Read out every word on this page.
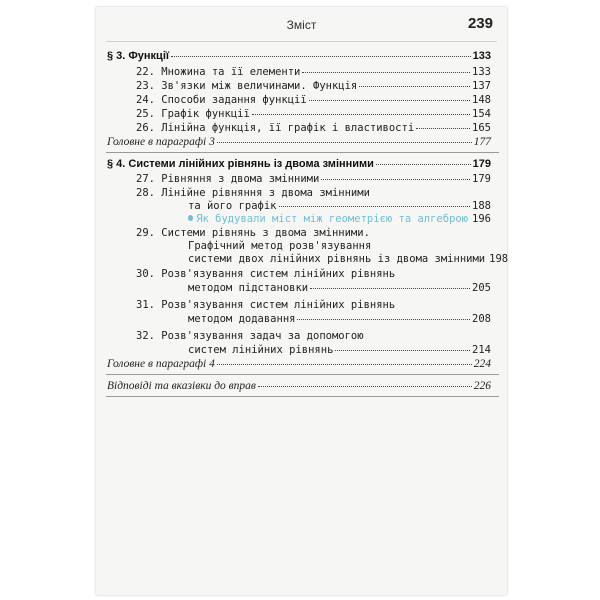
Зміст	239
§ 3. Функції	133
22. Множина та її елементи	133
23. Зв'язки між величинами. Функція	137
24. Способи задання функції	148
25. Графік функції	154
26. Лінійна функція, її графік і властивості	165
Головне в параграфі 3	177
§ 4. Системи лінійних рівнянь із двома змінними	179
27. Рівняння з двома змінними	179
28. Лінійне рівняння з двома змінними
та його графік	188
Як будували міст між геометрією та алгеброю 196
29. Системи рівнянь з двома змінними.
Графічний метод розв'язування
системи двох лінійних рівнянь із двома змінними 198
30. Розв'язування систем лінійних рівнянь
методом підстановки	205
31. Розв'язування систем лінійних рівнянь
методом додавання	208
32. Розв'язування задач за допомогою
систем лінійних рівнянь	214
Головне в параграфі 4	224
Відповіді та вказівки до вправ	226
